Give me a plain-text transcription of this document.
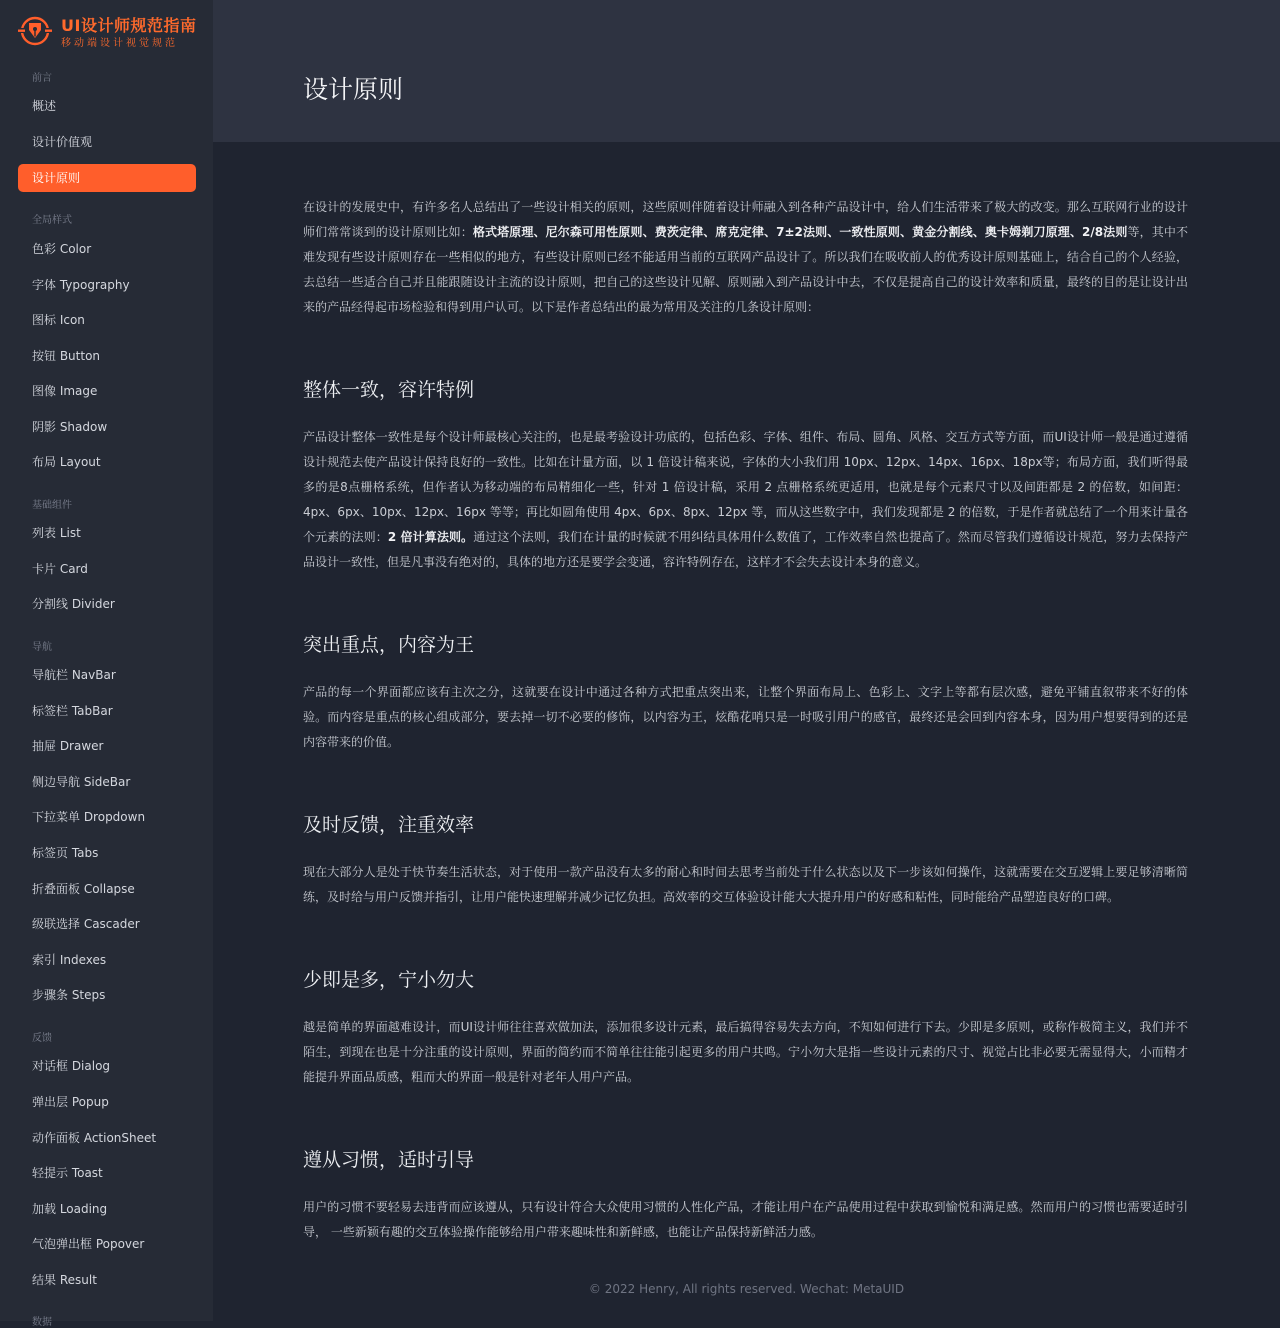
UI设计师规范指南
移动端设计视觉规范
前言
概述
设计价值观
设计原则
全局样式
色彩 Color
字体 Typography
图标 Icon
按钮 Button
图像 Image
阴影 Shadow
布局 Layout
基础组件
列表 List
卡片 Card
分割线 Divider
导航
导航栏 NavBar
标签栏 TabBar
抽屉 Drawer
侧边导航 SideBar
下拉菜单 Dropdown
标签页 Tabs
折叠面板 Collapse
级联选择 Cascader
索引 Indexes
步骤条 Steps
反馈
对话框 Dialog
弹出层 Popup
动作面板 ActionSheet
轻提示 Toast
加载 Loading
气泡弹出框 Popover
结果 Result
数据
设计原则

在设计的发展史中，有许多名人总结出了一些设计相关的原则，这些原则伴随着设计师融入到各种产品设计中，给人们生活带来了极大的改变。那么互联网行业的设计师们常常谈到的设计原则比如：格式塔原理、尼尔森可用性原则、费茨定律、席克定律、7±2法则、一致性原则、黄金分割线、奥卡姆剃刀原理、2/8法则等，其中不难发现有些设计原则存在一些相似的地方，有些设计原则已经不能适用当前的互联网产品设计了。所以我们在吸收前人的优秀设计原则基础上，结合自己的个人经验，去总结一些适合自己并且能跟随设计主流的设计原则，把自己的这些设计见解、原则融入到产品设计中去，不仅是提高自己的设计效率和质量，最终的目的是让设计出来的产品经得起市场检验和得到用户认可。以下是作者总结出的最为常用及关注的几条设计原则：

整体一致，容许特例

产品设计整体一致性是每个设计师最核心关注的，也是最考验设计功底的，包括色彩、字体、组件、布局、圆角、风格、交互方式等方面，而UI设计师一般是通过遵循设计规范去使产品设计保持良好的一致性。比如在计量方面，以 1 倍设计稿来说，字体的大小我们用 10px、12px、14px、16px、18px等；布局方面，我们听得最多的是8点栅格系统，但作者认为移动端的布局精细化一些，针对 1 倍设计稿，采用 2 点栅格系统更适用，也就是每个元素尺寸以及间距都是 2 的倍数，如间距：4px、6px、10px、12px、16px 等等；再比如圆角使用 4px、6px、8px、12px 等，而从这些数字中，我们发现都是 2 的倍数，于是作者就总结了一个用来计量各个元素的法则：2 倍计算法则。通过这个法则，我们在计量的时候就不用纠结具体用什么数值了，工作效率自然也提高了。然而尽管我们遵循设计规范，努力去保持产品设计一致性，但是凡事没有绝对的，具体的地方还是要学会变通，容许特例存在，这样才不会失去设计本身的意义。

突出重点，内容为王

产品的每一个界面都应该有主次之分，这就要在设计中通过各种方式把重点突出来，让整个界面布局上、色彩上、文字上等都有层次感，避免平铺直叙带来不好的体验。而内容是重点的核心组成部分，要去掉一切不必要的修饰，以内容为王，炫酷花哨只是一时吸引用户的感官，最终还是会回到内容本身，因为用户想要得到的还是内容带来的价值。

及时反馈，注重效率

现在大部分人是处于快节奏生活状态，对于使用一款产品没有太多的耐心和时间去思考当前处于什么状态以及下一步该如何操作，这就需要在交互逻辑上要足够清晰简练，及时给与用户反馈并指引，让用户能快速理解并减少记忆负担。高效率的交互体验设计能大大提升用户的好感和粘性，同时能给产品塑造良好的口碑。

少即是多，宁小勿大

越是简单的界面越难设计，而UI设计师往往喜欢做加法，添加很多设计元素，最后搞得容易失去方向，不知如何进行下去。少即是多原则，或称作极简主义，我们并不陌生，到现在也是十分注重的设计原则，界面的简约而不简单往往能引起更多的用户共鸣。宁小勿大是指一些设计元素的尺寸、视觉占比非必要无需显得大，小而精才能提升界面品质感，粗而大的界面一般是针对老年人用户产品。

遵从习惯，适时引导

用户的习惯不要轻易去违背而应该遵从，只有设计符合大众使用习惯的人性化产品，才能让用户在产品使用过程中获取到愉悦和满足感。然而用户的习惯也需要适时引导， 一些新颖有趣的交互体验操作能够给用户带来趣味性和新鲜感，也能让产品保持新鲜活力感。

© 2022 Henry, All rights reserved. Wechat: MetaUID
